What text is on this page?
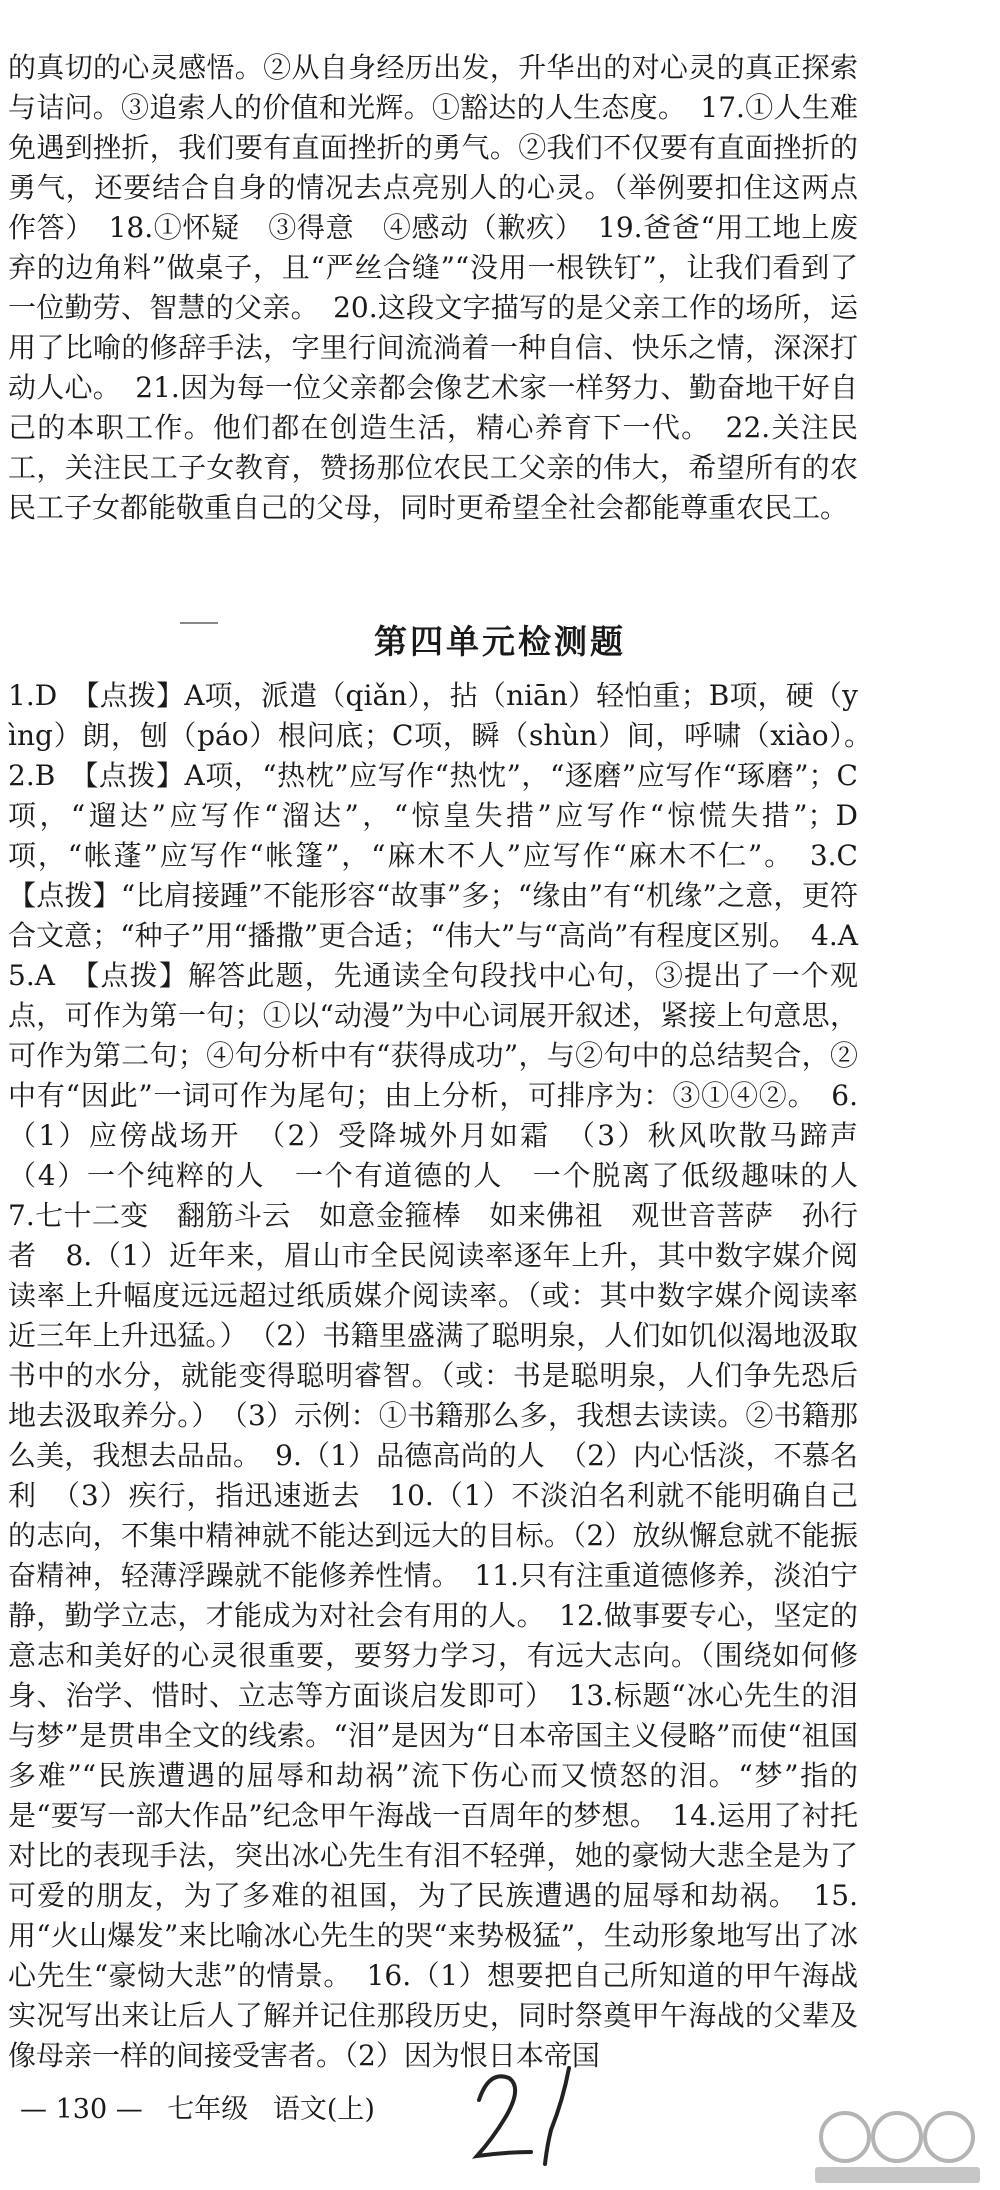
的真切的心灵感悟。②从自身经历出发，升华出的对心灵的真正探索与诘问。③追索人的价值和光辉。①豁达的人生态度。　17.①人生难免遇到挫折，我们要有直面挫折的勇气。②我们不仅要有直面挫折的勇气，还要结合自身的情况去点亮别人的心灵。（举例要扣住这两点作答）　18.①怀疑　③得意　④感动（歉疚）　19.爸爸“用工地上废弃的边角料”做桌子，且“严丝合缝”“没用一根铁钉”，让我们看到了一位勤劳、智慧的父亲。　20.这段文字描写的是父亲工作的场所，运用了比喻的修辞手法，字里行间流淌着一种自信、快乐之情，深深打动人心。　21.因为每一位父亲都会像艺术家一样努力、勤奋地干好自己的本职工作。他们都在创造生活，精心养育下一代。　22.关注民工，关注民工子女教育，赞扬那位农民工父亲的伟大，希望所有的农民工子女都能敬重自己的父母，同时更希望全社会都能尊重农民工。

第四单元检测题

1.D　【点拨】A项，派遣（qiǎn），拈（niān）轻怕重；B项，硬（yìng）朗，刨（páo）根问底；C项，瞬（shùn）间，呼啸（xiào）。　2.B　【点拨】A项，“热枕”应写作“热忱”，“逐磨”应写作“琢磨”；C项，“遛达”应写作“溜达”，“惊皇失措”应写作“惊慌失措”；D项，“帐蓬”应写作“帐篷”，“麻木不人”应写作“麻木不仁”。　3.C　【点拨】“比肩接踵”不能形容“故事”多；“缘由”有“机缘”之意，更符合文意；“种子”用“播撒”更合适；“伟大”与“高尚”有程度区别。　4.A　5.A　【点拨】解答此题，先通读全句段找中心句，③提出了一个观点，可作为第一句；①以“动漫”为中心词展开叙述，紧接上句意思，可作为第二句；④句分析中有“获得成功”，与②句中的总结契合，②中有“因此”一词可作为尾句；由上分析，可排序为：③①④②。　6.（1）应傍战场开　（2）受降城外月如霜　（3）秋风吹散马蹄声　（4）一个纯粹的人　一个有道德的人　一个脱离了低级趣味的人　7.七十二变　翻筋斗云　如意金箍棒　如来佛祖　观世音菩萨　孙行者　8.（1）近年来，眉山市全民阅读率逐年上升，其中数字媒介阅读率上升幅度远远超过纸质媒介阅读率。（或：其中数字媒介阅读率近三年上升迅猛。）　（2）书籍里盛满了聪明泉，人们如饥似渴地汲取书中的水分，就能变得聪明睿智。（或：书是聪明泉，人们争先恐后地去汲取养分。）　（3）示例：①书籍那么多，我想去读读。②书籍那么美，我想去品品。　9.（1）品德高尚的人　（2）内心恬淡，不慕名利　（3）疾行，指迅速逝去　10.（1）不淡泊名利就不能明确自己的志向，不集中精神就不能达到远大的目标。（2）放纵懈怠就不能振奋精神，轻薄浮躁就不能修养性情。　11.只有注重道德修养，淡泊宁静，勤学立志，才能成为对社会有用的人。　12.做事要专心，坚定的意志和美好的心灵很重要，要努力学习，有远大志向。（围绕如何修身、治学、惜时、立志等方面谈启发即可）　13.标题“冰心先生的泪与梦”是贯串全文的线索。“泪”是因为“日本帝国主义侵略”而使“祖国多难”“民族遭遇的屈辱和劫祸”流下伤心而又愤怒的泪。“梦”指的是“要写一部大作品”纪念甲午海战一百周年的梦想。　14.运用了衬托对比的表现手法，突出冰心先生有泪不轻弹，她的豪恸大悲全是为了可爱的朋友，为了多难的祖国，为了民族遭遇的屈辱和劫祸。　15.用“火山爆发”来比喻冰心先生的哭“来势极猛”，生动形象地写出了冰心先生“豪恸大悲”的情景。　16.（1）想要把自己所知道的甲午海战实况写出来让后人了解并记住那段历史，同时祭奠甲午海战的父辈及像母亲一样的间接受害者。（2）因为恨日本帝国

— 130 — 七年级 语文(上)
